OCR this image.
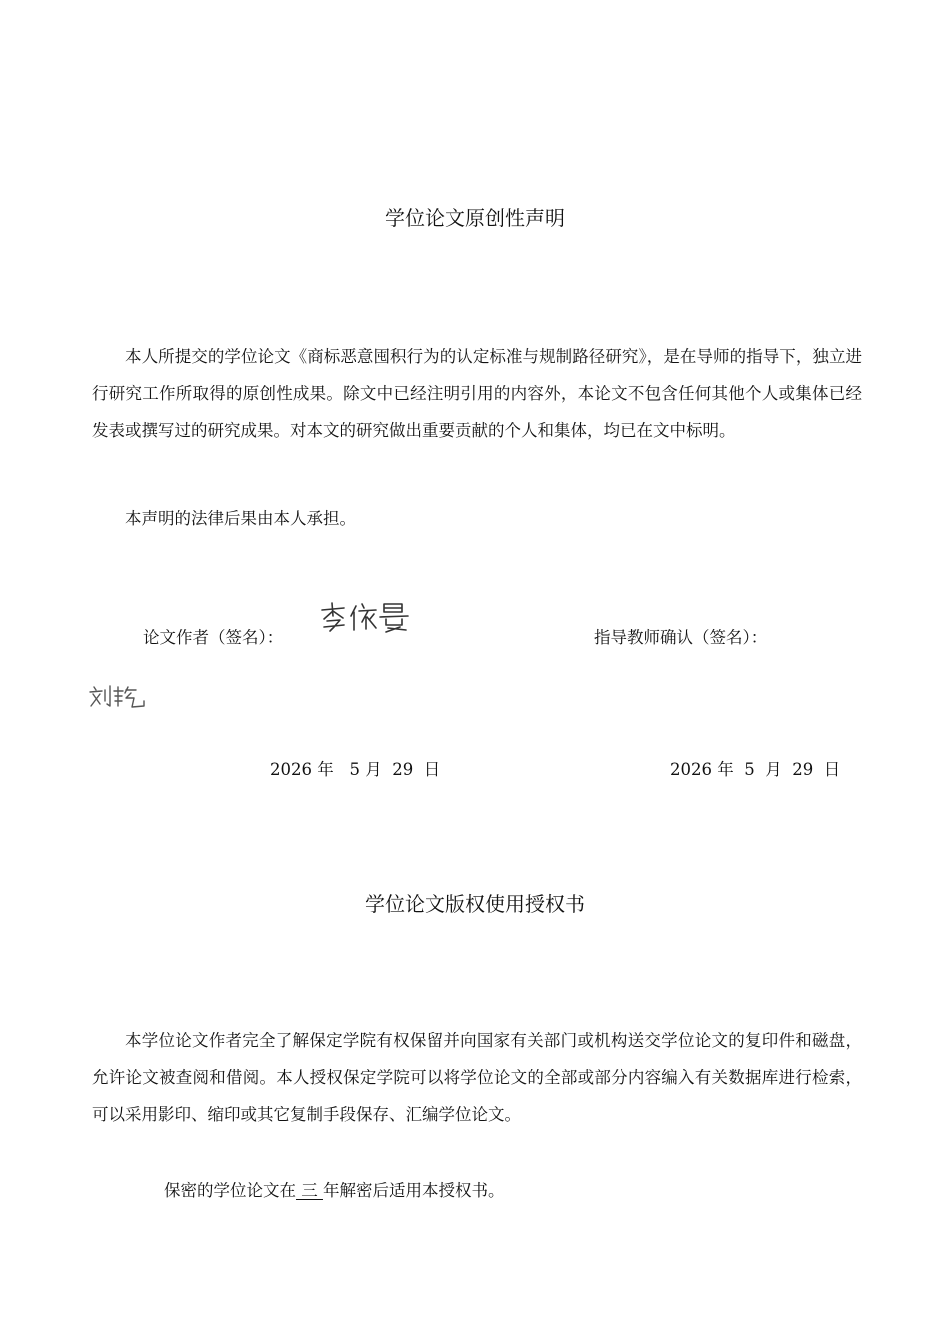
学位论文原创性声明

本人所提交的学位论文《商标恶意囤积行为的认定标准与规制路径研究》，是在导师的指导下，独立进行研究工作所取得的原创性成果。除文中已经注明引用的内容外，本论文不包含任何其他个人或集体已经发表或撰写过的研究成果。对本文的研究做出重要贡献的个人和集体，均已在文中标明。

本声明的法律后果由本人承担。

论文作者（签名）：	指导教师确认（签名）：
2026 年   5 月  29  日	2026 年  5  月  29  日
学位论文版权使用授权书

本学位论文作者完全了解保定学院有权保留并向国家有关部门或机构送交学位论文的复印件和磁盘，允许论文被查阅和借阅。本人授权保定学院可以将学位论文的全部或部分内容编入有关数据库进行检索，可以采用影印、缩印或其它复制手段保存、汇编学位论文。

保密的学位论文在 三 年解密后适用本授权书。
